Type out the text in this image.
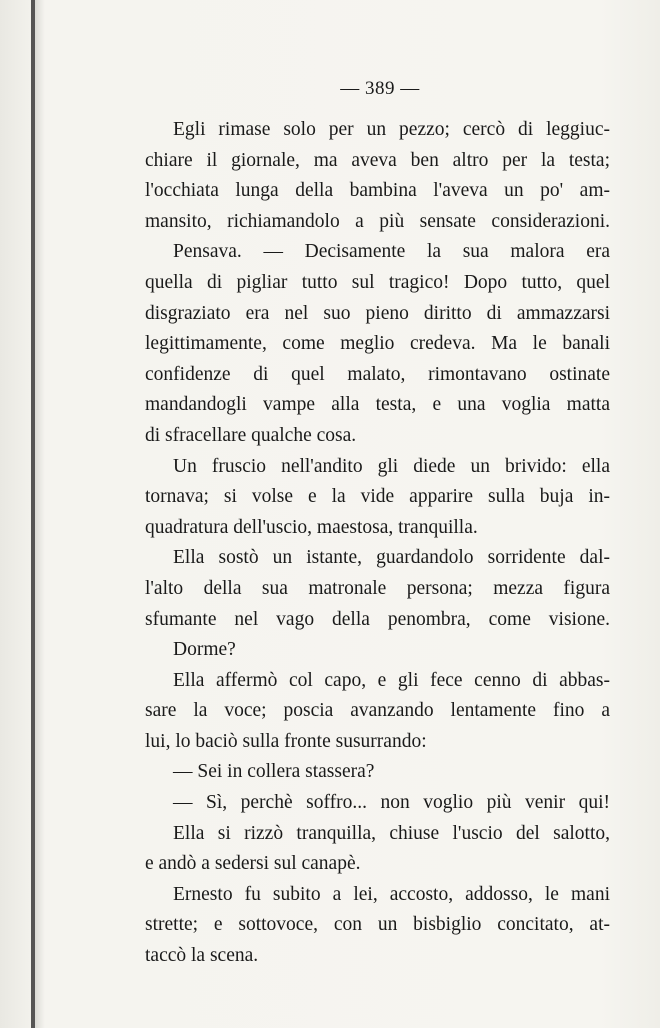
— 389 —
Egli rimase solo per un pezzo; cercò di leggiuc-
chiare il giornale, ma aveva ben altro per la testa;
l'occhiata lunga della bambina l'aveva un po' am-
mansito, richiamandolo a più sensate considerazioni.
Pensava. — Decisamente la sua malora era
quella di pigliar tutto sul tragico! Dopo tutto, quel
disgraziato era nel suo pieno diritto di ammazzarsi
legittimamente, come meglio credeva. Ma le banali
confidenze di quel malato, rimontavano ostinate
mandandogli vampe alla testa, e una voglia matta
di sfracellare qualche cosa.
Un fruscio nell'andito gli diede un brivido: ella
tornava; si volse e la vide apparire sulla buja in-
quadratura dell'uscio, maestosa, tranquilla.
Ella sostò un istante, guardandolo sorridente dal-
l'alto della sua matronale persona; mezza figura
sfumante nel vago della penombra, come visione.
Dorme?
Ella affermò col capo, e gli fece cenno di abbas-
sare la voce; poscia avanzando lentamente fino a
lui, lo baciò sulla fronte susurrando:
— Sei in collera stassera?
— Sì, perchè soffro... non voglio più venir qui!
Ella si rizzò tranquilla, chiuse l'uscio del salotto,
e andò a sedersi sul canapè.
Ernesto fu subito a lei, accosto, addosso, le mani
strette; e sottovoce, con un bisbiglio concitato, at-
taccò la scena.
